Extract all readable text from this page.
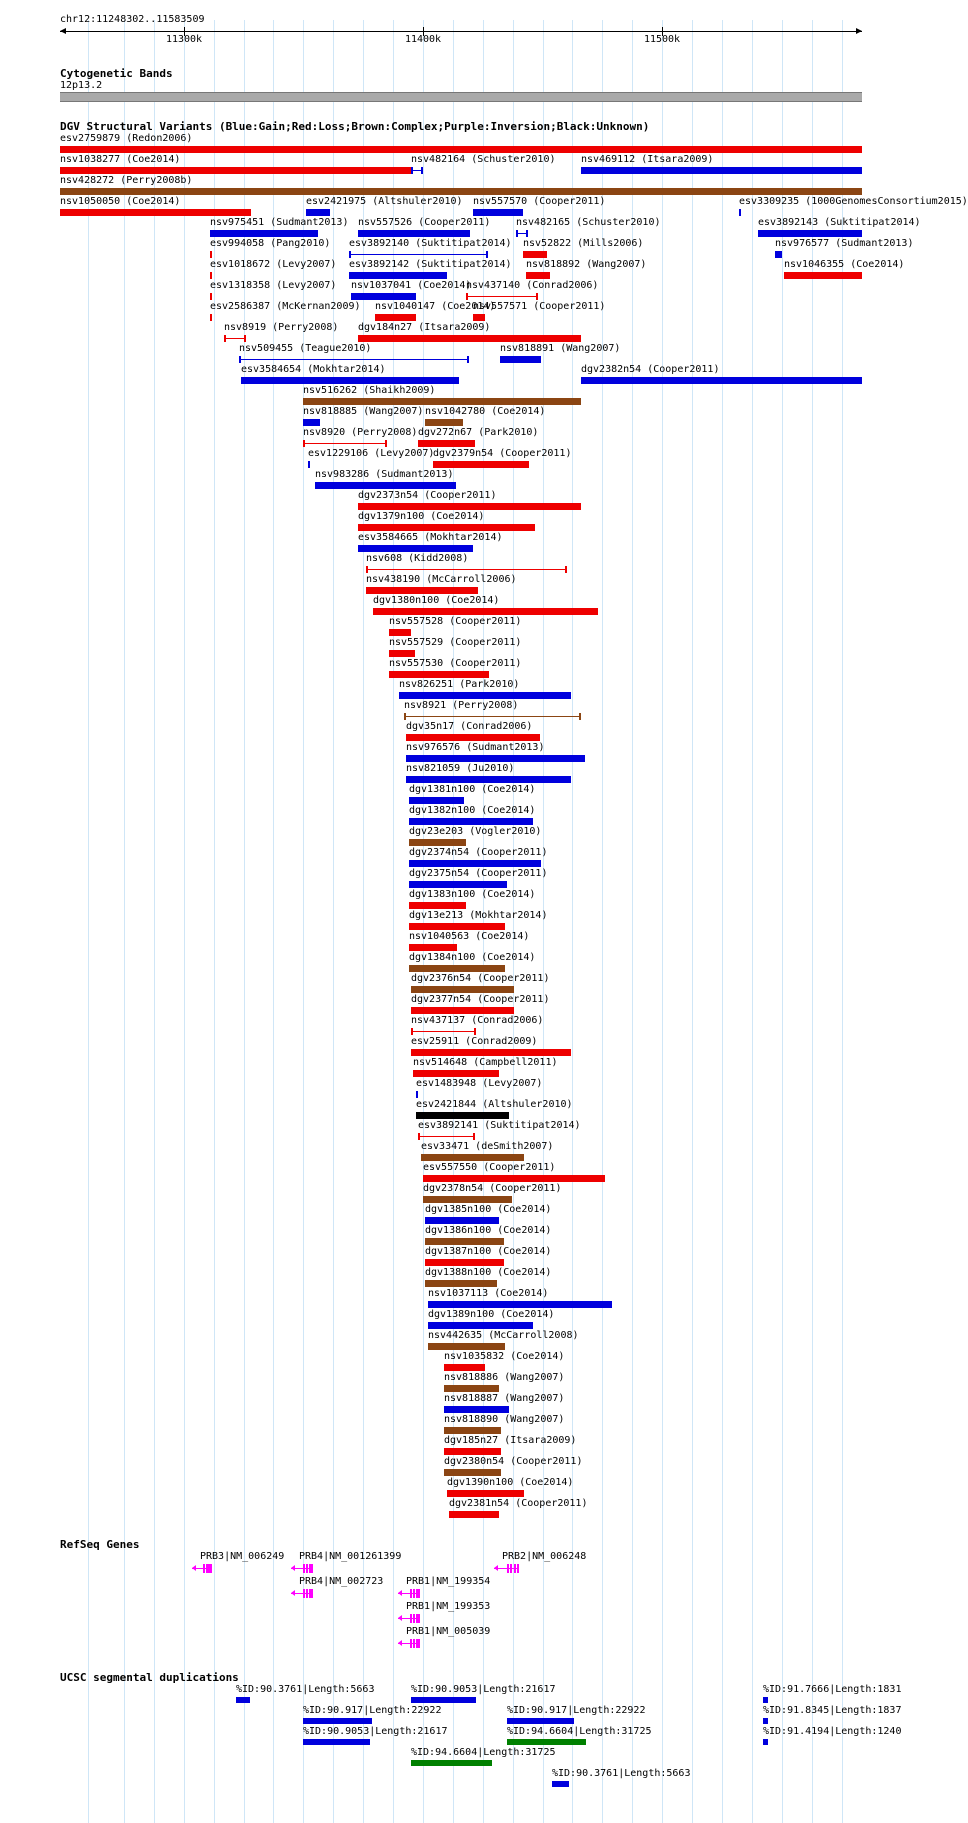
chr12:11248302..11583509
11300k	11400k	11500k
Cytogenetic Bands
12p13.2
DGV Structural Variants (Blue:Gain;Red:Loss;Brown:Complex;Purple:Inversion;Black:Unknown)
esv2759879 (Redon2006)
nsv1038277 (Coe2014)	nsv482164 (Schuster2010)	nsv469112 (Itsara2009)
nsv428272 (Perry2008b)
nsv1050050 (Coe2014)	esv2421975 (Altshuler2010) nsv557570 (Cooper2011)	esv3309235 (1000GenomesConsortium2015)
nsv975451 (Sudmant2013) nsv557526 (Cooper2011)	nsv482165 (Schuster2010)	esv3892143 (Suktitipat2014)
esv994058 (Pang2010) esv3892140 (Suktitipat2014) nsv52822 (Mills2006)	nsv976577 (Sudmant2013)
esv1018672 (Levy2007) esv3892142 (Suktitipat2014) nsv818892 (Wang2007)	nsv1046355 (Coe2014)
esv1318358 (Levy2007) nsv1037041 (Coe2014)
nsv437140 (Conrad2006)
esv2586387 (McKernan2009) nsv1040147 (Coe2014)
nsv557571 (Cooper2011)
nsv8919 (Perry2008) dgv184n27 (Itsara2009)
nsv509455 (Teague2010)	nsv818891 (Wang2007)
esv3584654 (Mokhtar2014)	dgv2382n54 (Cooper2011)
nsv516262 (Shaikh2009)
nsv818885 (Wang2007) nsv1042780 (Coe2014)
nsv8920 (Perry2008) dgv272n67 (Park2010)
esv1229106 (Levy2007)
dgv2379n54 (Cooper2011)
nsv983286 (Sudmant2013)
dgv2373n54 (Cooper2011)
dgv1379n100 (Coe2014)
esv3584665 (Mokhtar2014)
nsv608 (Kidd2008)
nsv438190 (McCarroll2006)
dgv1380n100 (Coe2014)
nsv557528 (Cooper2011)
nsv557529 (Cooper2011)
nsv557530 (Cooper2011)
nsv826251 (Park2010)
nsv8921 (Perry2008)
dgv35n17 (Conrad2006)
nsv976576 (Sudmant2013)
nsv821059 (Ju2010)
dgv1381n100 (Coe2014)
dgv1382n100 (Coe2014)
dgv23e203 (Vogler2010)
dgv2374n54 (Cooper2011)
dgv2375n54 (Cooper2011)
dgv1383n100 (Coe2014)
dgv13e213 (Mokhtar2014)
nsv1040563 (Coe2014)
dgv1384n100 (Coe2014)
dgv2376n54 (Cooper2011)
dgv2377n54 (Cooper2011)
nsv437137 (Conrad2006)
esv25911 (Conrad2009)
nsv514648 (Campbell2011)
esv1483948 (Levy2007)
esv2421844 (Altshuler2010)
esv3892141 (Suktitipat2014)
esv33471 (deSmith2007)
esv557550 (Cooper2011)
dgv2378n54 (Cooper2011)
dgv1385n100 (Coe2014)
dgv1386n100 (Coe2014)
dgv1387n100 (Coe2014)
dgv1388n100 (Coe2014)
nsv1037113 (Coe2014)
dgv1389n100 (Coe2014)
nsv442635 (McCarroll2008)
nsv1035832 (Coe2014)
nsv818886 (Wang2007)
nsv818887 (Wang2007)
nsv818890 (Wang2007)
dgv185n27 (Itsara2009)
dgv2380n54 (Cooper2011)
dgv1390n100 (Coe2014)
dgv2381n54 (Cooper2011)
RefSeq Genes
PRB3|NM_006249 PRB4|NM_001261399	PRB2|NM_006248
PRB4|NM_002723 PRB1|NM_199354
PRB1|NM_199353
PRB1|NM_005039
UCSC segmental duplications
%ID:90.3761|Length:5663	%ID:90.9053|Length:21617	%ID:91.7666|Length:1831
%ID:90.917|Length:22922	%ID:90.917|Length:22922	%ID:91.8345|Length:1837
%ID:90.9053|Length:21617	%ID:94.6604|Length:31725	%ID:91.4194|Length:1240
%ID:94.6604|Length:31725
%ID:90.3761|Length:5663
